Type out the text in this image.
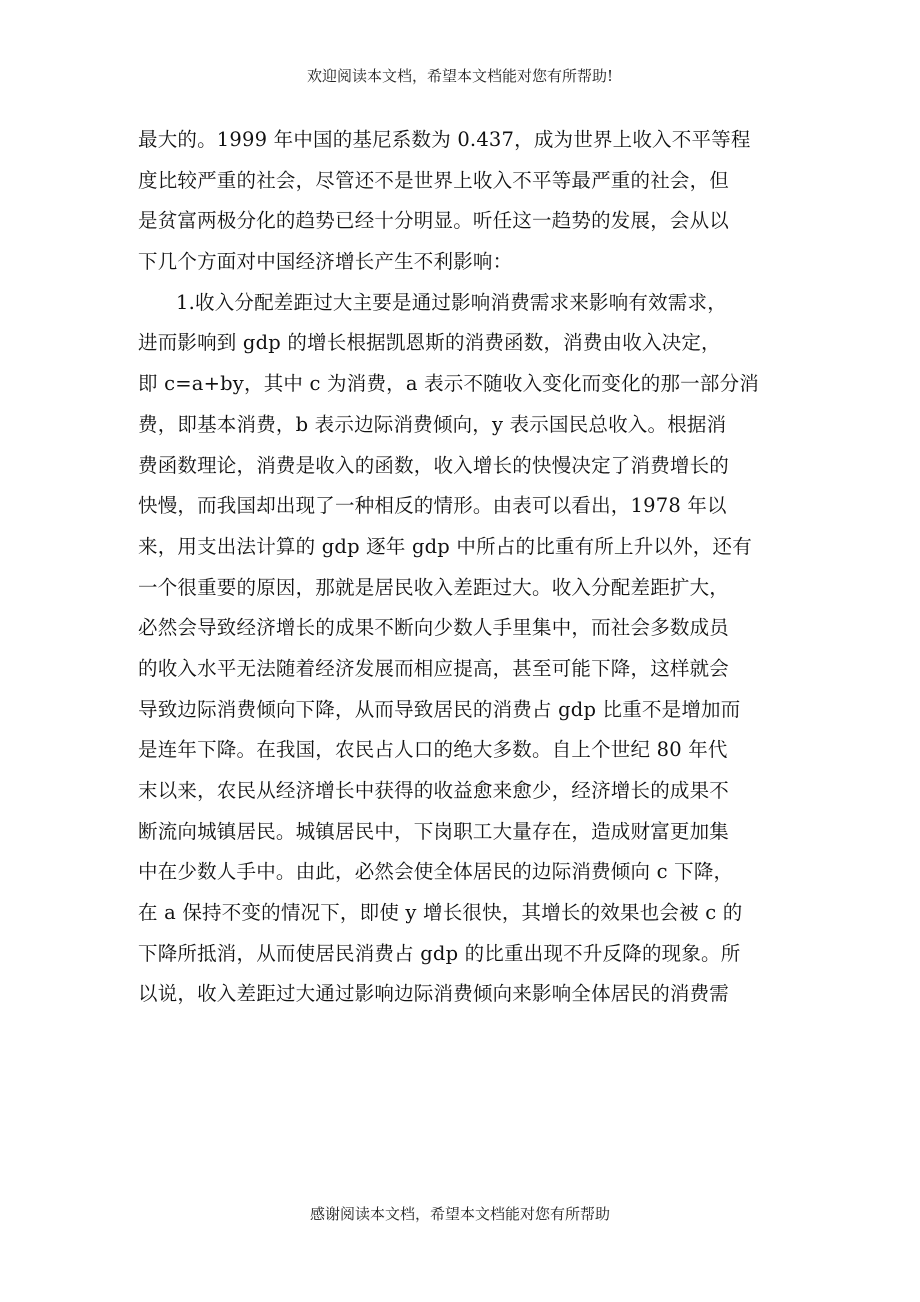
欢迎阅读本文档，希望本文档能对您有所帮助!
最大的。1999 年中国的基尼系数为 0.437，成为世界上收入不平等程
度比较严重的社会，尽管还不是世界上收入不平等最严重的社会，但
是贫富两极分化的趋势已经十分明显。听任这一趋势的发展，会从以
下几个方面对中国经济增长产生不利影响：
1.收入分配差距过大主要是通过影响消费需求来影响有效需求，
进而影响到 gdp 的增长根据凯恩斯的消费函数，消费由收入决定，
即 c=a+by，其中 c 为消费，a 表示不随收入变化而变化的那一部分消
费，即基本消费，b 表示边际消费倾向，y 表示国民总收入。根据消
费函数理论，消费是收入的函数，收入增长的快慢决定了消费增长的
快慢，而我国却出现了一种相反的情形。由表可以看出，1978 年以
来，用支出法计算的 gdp 逐年 gdp 中所占的比重有所上升以外，还有
一个很重要的原因，那就是居民收入差距过大。收入分配差距扩大，
必然会导致经济增长的成果不断向少数人手里集中，而社会多数成员
的收入水平无法随着经济发展而相应提高，甚至可能下降，这样就会
导致边际消费倾向下降，从而导致居民的消费占 gdp 比重不是增加而
是连年下降。在我国，农民占人口的绝大多数。自上个世纪 80 年代
末以来，农民从经济增长中获得的收益愈来愈少，经济增长的成果不
断流向城镇居民。城镇居民中，下岗职工大量存在，造成财富更加集
中在少数人手中。由此，必然会使全体居民的边际消费倾向 c 下降，
在 a 保持不变的情况下，即使 y 增长很快，其增长的效果也会被 c 的
下降所抵消，从而使居民消费占 gdp 的比重出现不升反降的现象。所
以说，收入差距过大通过影响边际消费倾向来影响全体居民的消费需
感谢阅读本文档，希望本文档能对您有所帮助
